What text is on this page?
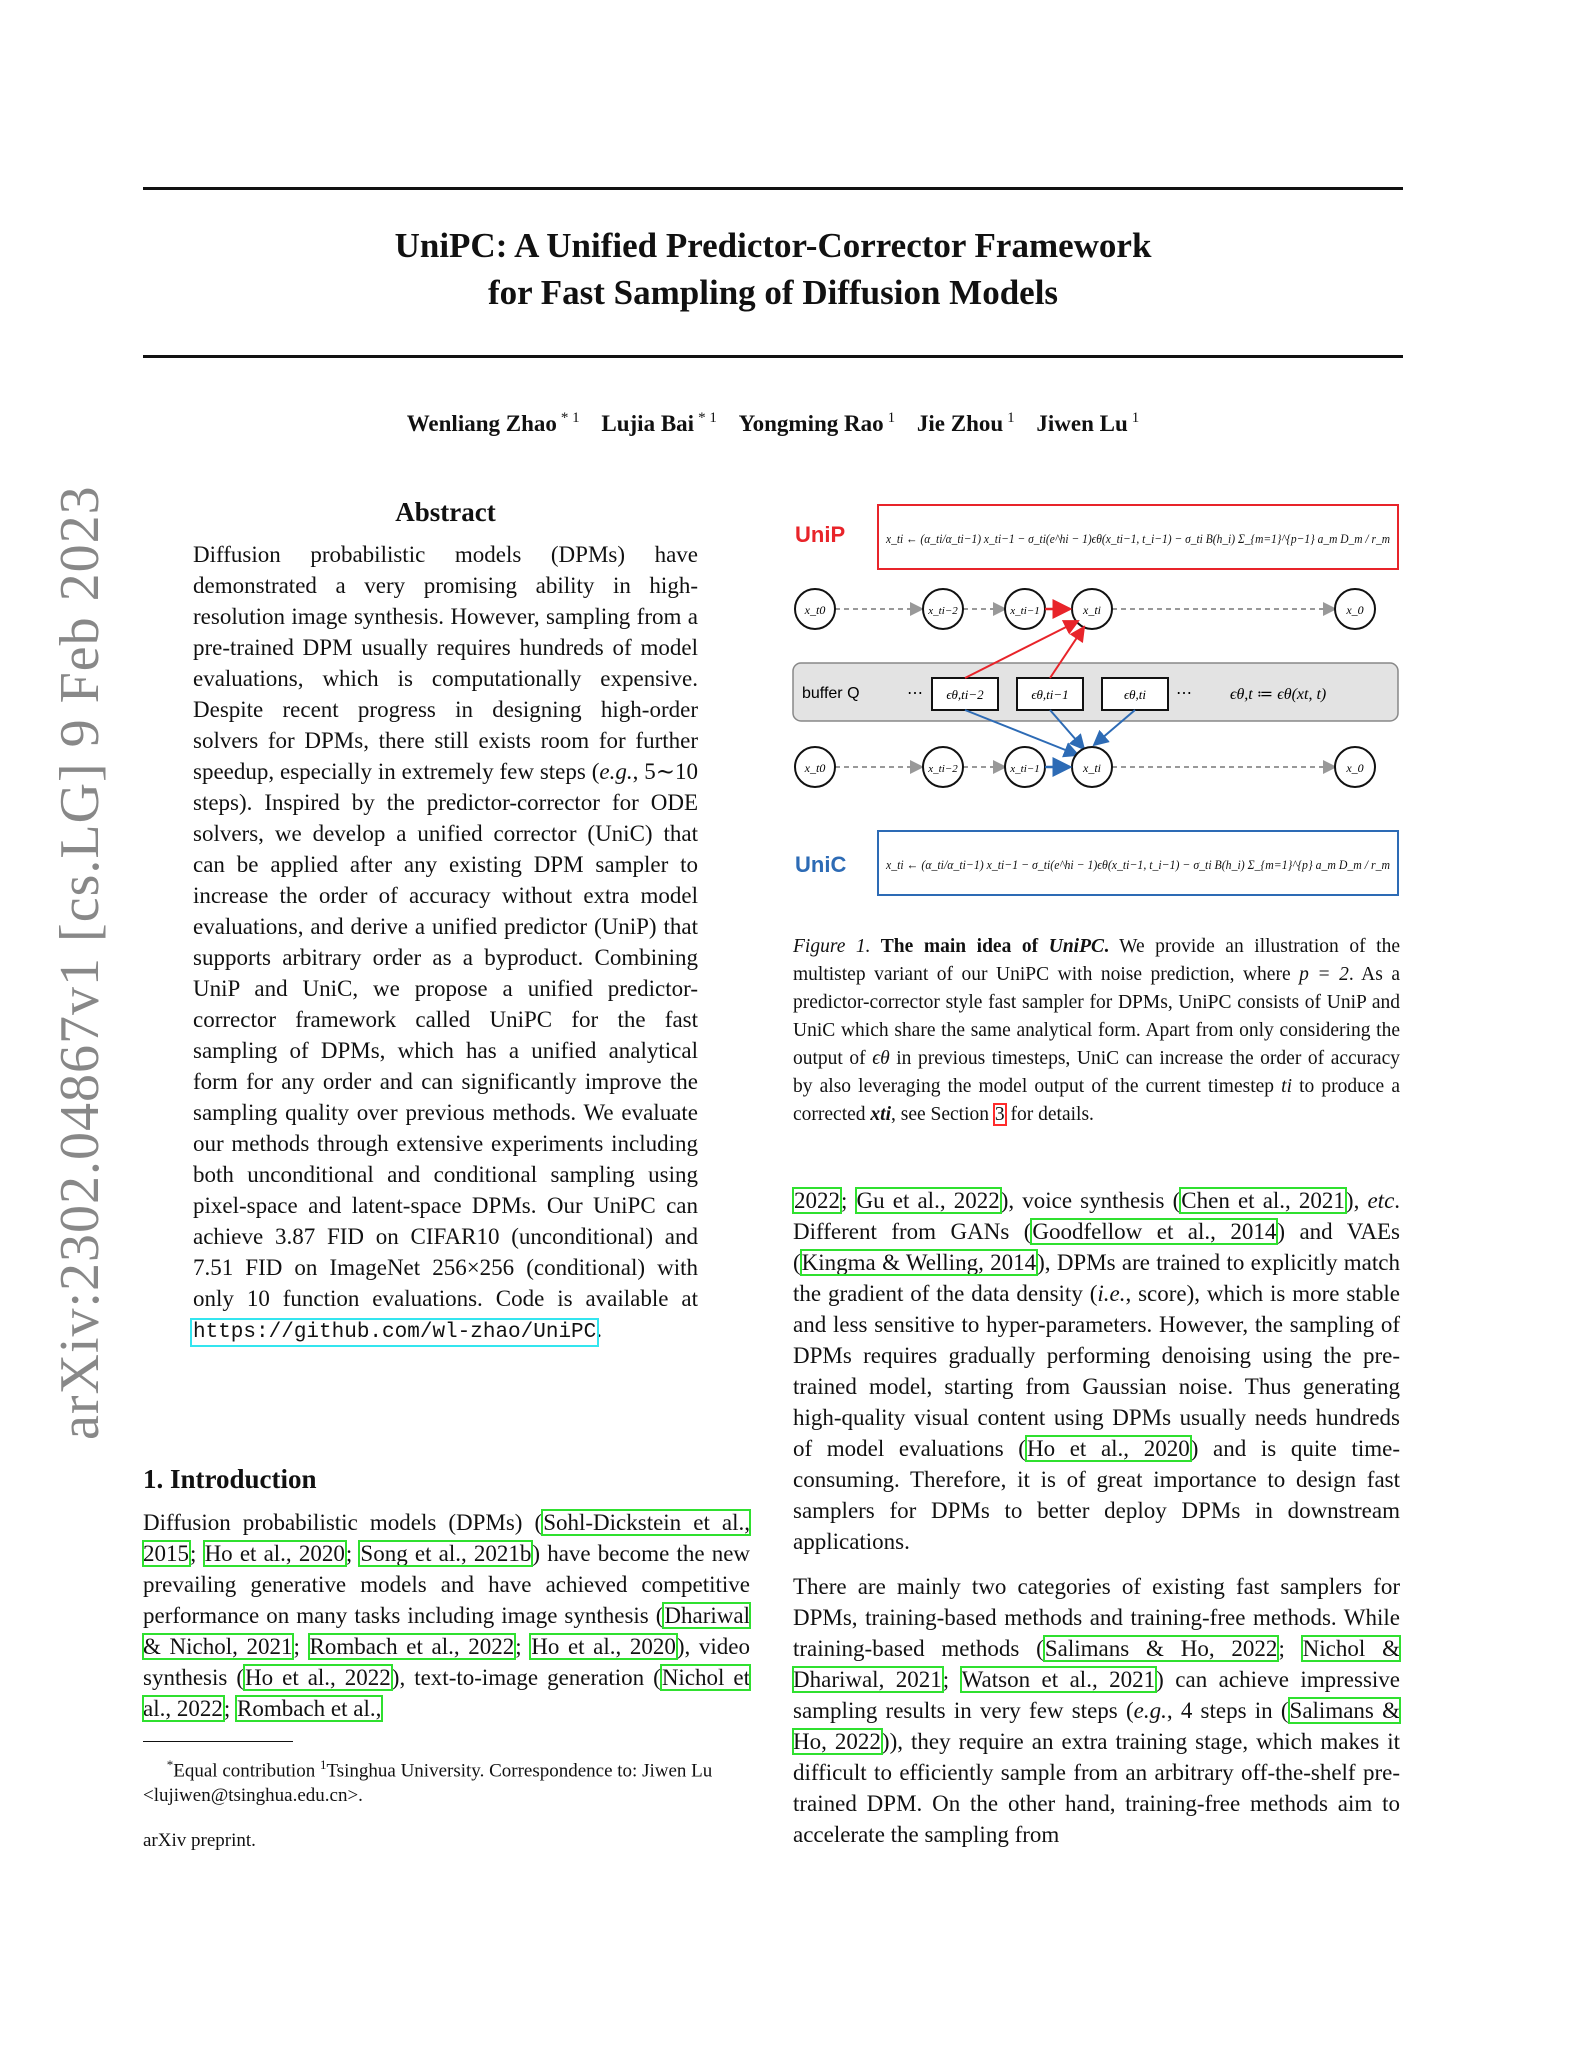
UniPC: A Unified Predictor-Corrector Framework
for Fast Sampling of Diffusion Models
Wenliang Zhao $^{* 1}$ Lujia Bai $^{* 1}$ Yongming Rao $^1$ Jie Zhou $^1$ Jiwen Lu $^1$
arXiv:2302.04867v1 [cs.LG] 9 Feb 2023	Abstract
Diffusion probabilistic models (DPMs) have demonstrated a very promising ability in high-resolution image synthesis. However, sampling from a pre-trained DPM usually requires hundreds of model evaluations, which is computationally expensive. Despite recent progress in designing high-order solvers for DPMs, there still exists room for further speedup, especially in extremely few steps (e.g., 5∼10 steps). Inspired by the predictor-corrector for ODE solvers, we develop a unified corrector (UniC) that can be applied after any existing DPM sampler to increase the order of accuracy without extra model evaluations, and derive a unified predictor (UniP) that supports arbitrary order as a byproduct. Combining UniP and UniC, we propose a unified predictor-corrector framework called UniPC for the fast sampling of DPMs, which has a unified analytical form for any order and can significantly improve the sampling quality over previous methods. We evaluate our methods through extensive experiments including both unconditional and conditional sampling using pixel-space and latent-space DPMs. Our UniPC can achieve 3.87 FID on CIFAR10 (unconditional) and 7.51 FID on ImageNet 256×256 (conditional) with only 10 function evaluations. Code is available at https://github.com/wl-zhao/UniPC.
1. Introduction
Diffusion probabilistic models (DPMs) (Sohl-Dickstein et al., 2015; Ho et al., 2020; Song et al., 2021b) have become the new prevailing generative models and have achieved competitive performance on many tasks including image synthesis (Dhariwal & Nichol, 2021; Rombach et al., 2022; Ho et al., 2020), video synthesis (Ho et al., 2022), text-to-image generation (Nichol et al., 2022; Rombach et al.,
*Equal contribution $^1$Tsinghua University. Correspondence to: Jiwen Lu <lujiwen@tsinghua.edu.cn>.
arXiv preprint.
UniP	x_ti ← (α_ti/α_ti−1) x_ti−1 − σ_ti(e^hi − 1)ϵθ(x_ti−1, t_i−1) − σ_ti B(h_i) Σ_{m=1}^{p−1} a_m D_m / r_m
x_t0	x_ti−2	x_ti−1	x_ti	x_0
buffer Q	⋯ ϵθ,ti−2	ϵθ,ti−1	ϵθ,ti ⋯ ϵθ,t ≔ ϵθ(xt, t)
x_t0	x_ti−2	x_ti−1	x_ti	x_0
UniC	x_ti ← (α_ti/α_ti−1) x_ti−1 − σ_ti(e^hi − 1)ϵθ(x_ti−1, t_i−1) − σ_ti B(h_i) Σ_{m=1}^{p} a_m D_m / r_m
Figure 1. The main idea of UniPC. We provide an illustration of the multistep variant of our UniPC with noise prediction, where p = 2. As a predictor-corrector style fast sampler for DPMs, UniPC consists of UniP and UniC which share the same analytical form. Apart from only considering the output of ϵθ in previous timesteps, UniC can increase the order of accuracy by also leveraging the model output of the current timestep ti to produce a corrected xti, see Section 3 for details.

2022; Gu et al., 2022), voice synthesis (Chen et al., 2021), etc. Different from GANs (Goodfellow et al., 2014) and VAEs (Kingma & Welling, 2014), DPMs are trained to explicitly match the gradient of the data density (i.e., score), which is more stable and less sensitive to hyper-parameters. However, the sampling of DPMs requires gradually performing denoising using the pre-trained model, starting from Gaussian noise. Thus generating high-quality visual content using DPMs usually needs hundreds of model evaluations (Ho et al., 2020) and is quite time-consuming. Therefore, it is of great importance to design fast samplers for DPMs to better deploy DPMs in downstream applications.

There are mainly two categories of existing fast samplers for DPMs, training-based methods and training-free methods. While training-based methods (Salimans & Ho, 2022; Nichol & Dhariwal, 2021; Watson et al., 2021) can achieve impressive sampling results in very few steps (e.g., 4 steps in (Salimans & Ho, 2022)), they require an extra training stage, which makes it difficult to efficiently sample from an arbitrary off-the-shelf pre-trained DPM. On the other hand, training-free methods aim to accelerate the sampling from
